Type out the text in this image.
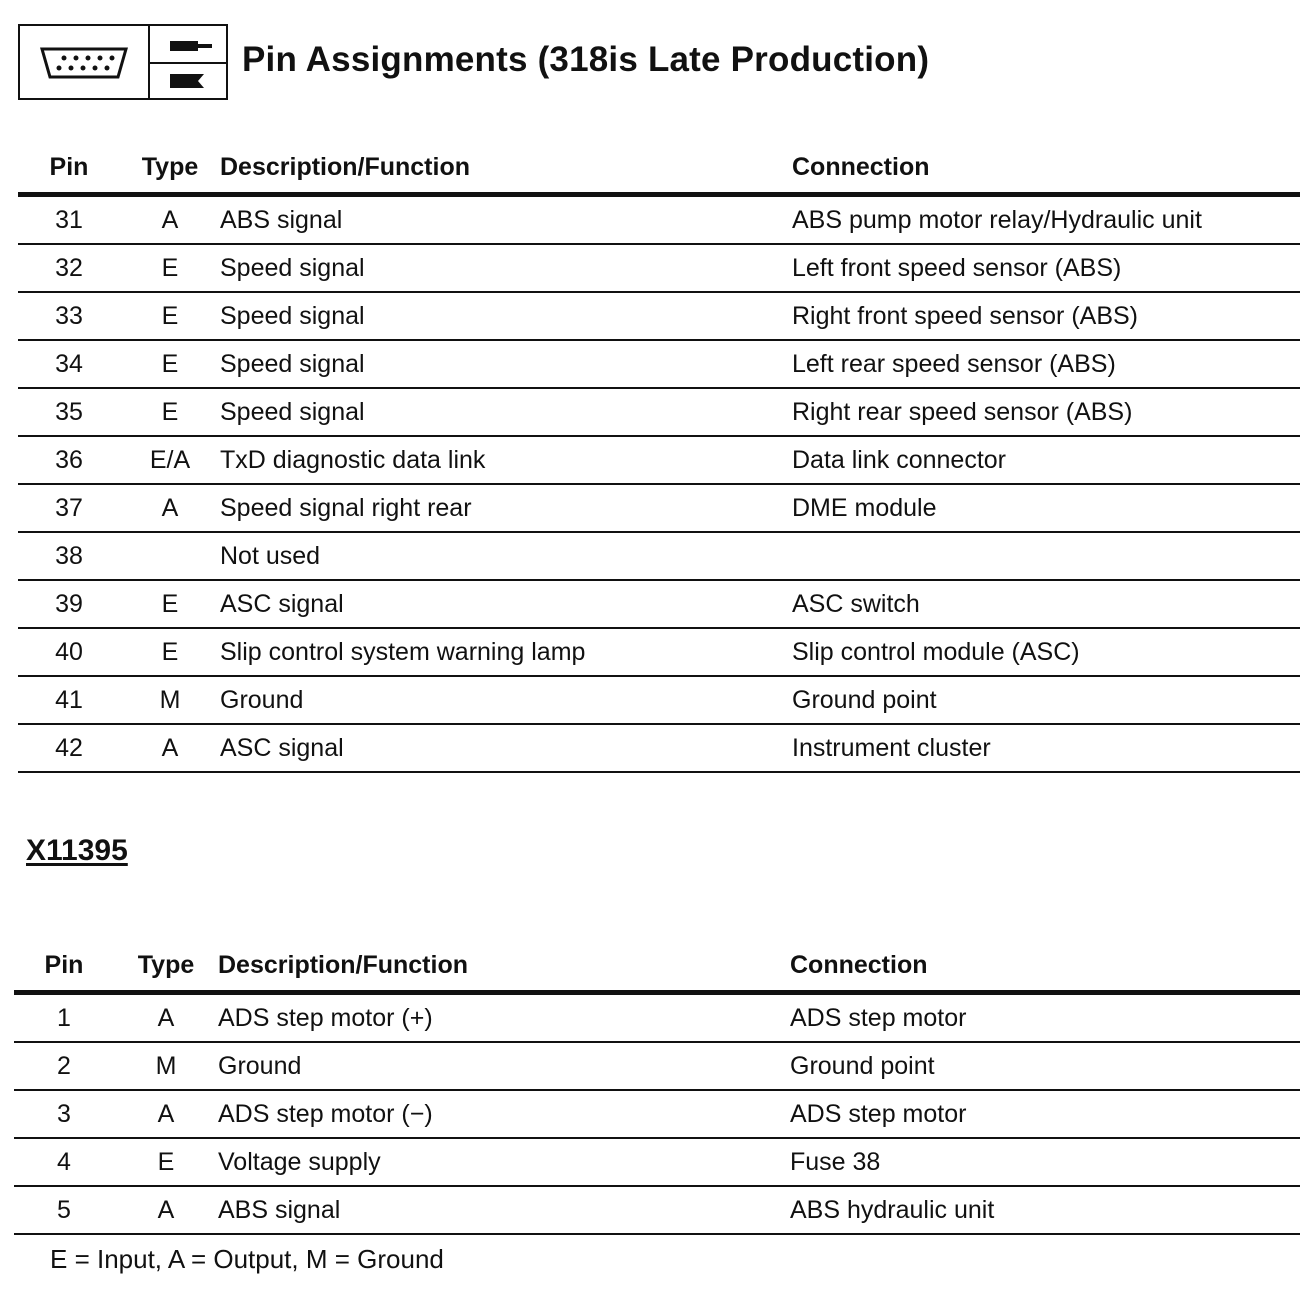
Pin Assignments (318is Late Production)
Pin	Type	Description/Function	Connection
31	A	ABS signal	ABS pump motor relay/Hydraulic unit
32	E	Speed signal	Left front speed sensor (ABS)
33	E	Speed signal	Right front speed sensor (ABS)
34	E	Speed signal	Left rear speed sensor (ABS)
35	E	Speed signal	Right rear speed sensor (ABS)
36	E/A	TxD diagnostic data link	Data link connector
37	A	Speed signal right rear	DME module
38		Not used	
39	E	ASC signal	ASC switch
40	E	Slip control system warning lamp	Slip control module (ASC)
41	M	Ground	Ground point
42	A	ASC signal	Instrument cluster
X11395
Pin	Type	Description/Function	Connection
1	A	ADS step motor (+)	ADS step motor
2	M	Ground	Ground point
3	A	ADS step motor (−)	ADS step motor
4	E	Voltage supply	Fuse 38
5	A	ABS signal	ABS hydraulic unit
E = Input, A = Output, M = Ground
